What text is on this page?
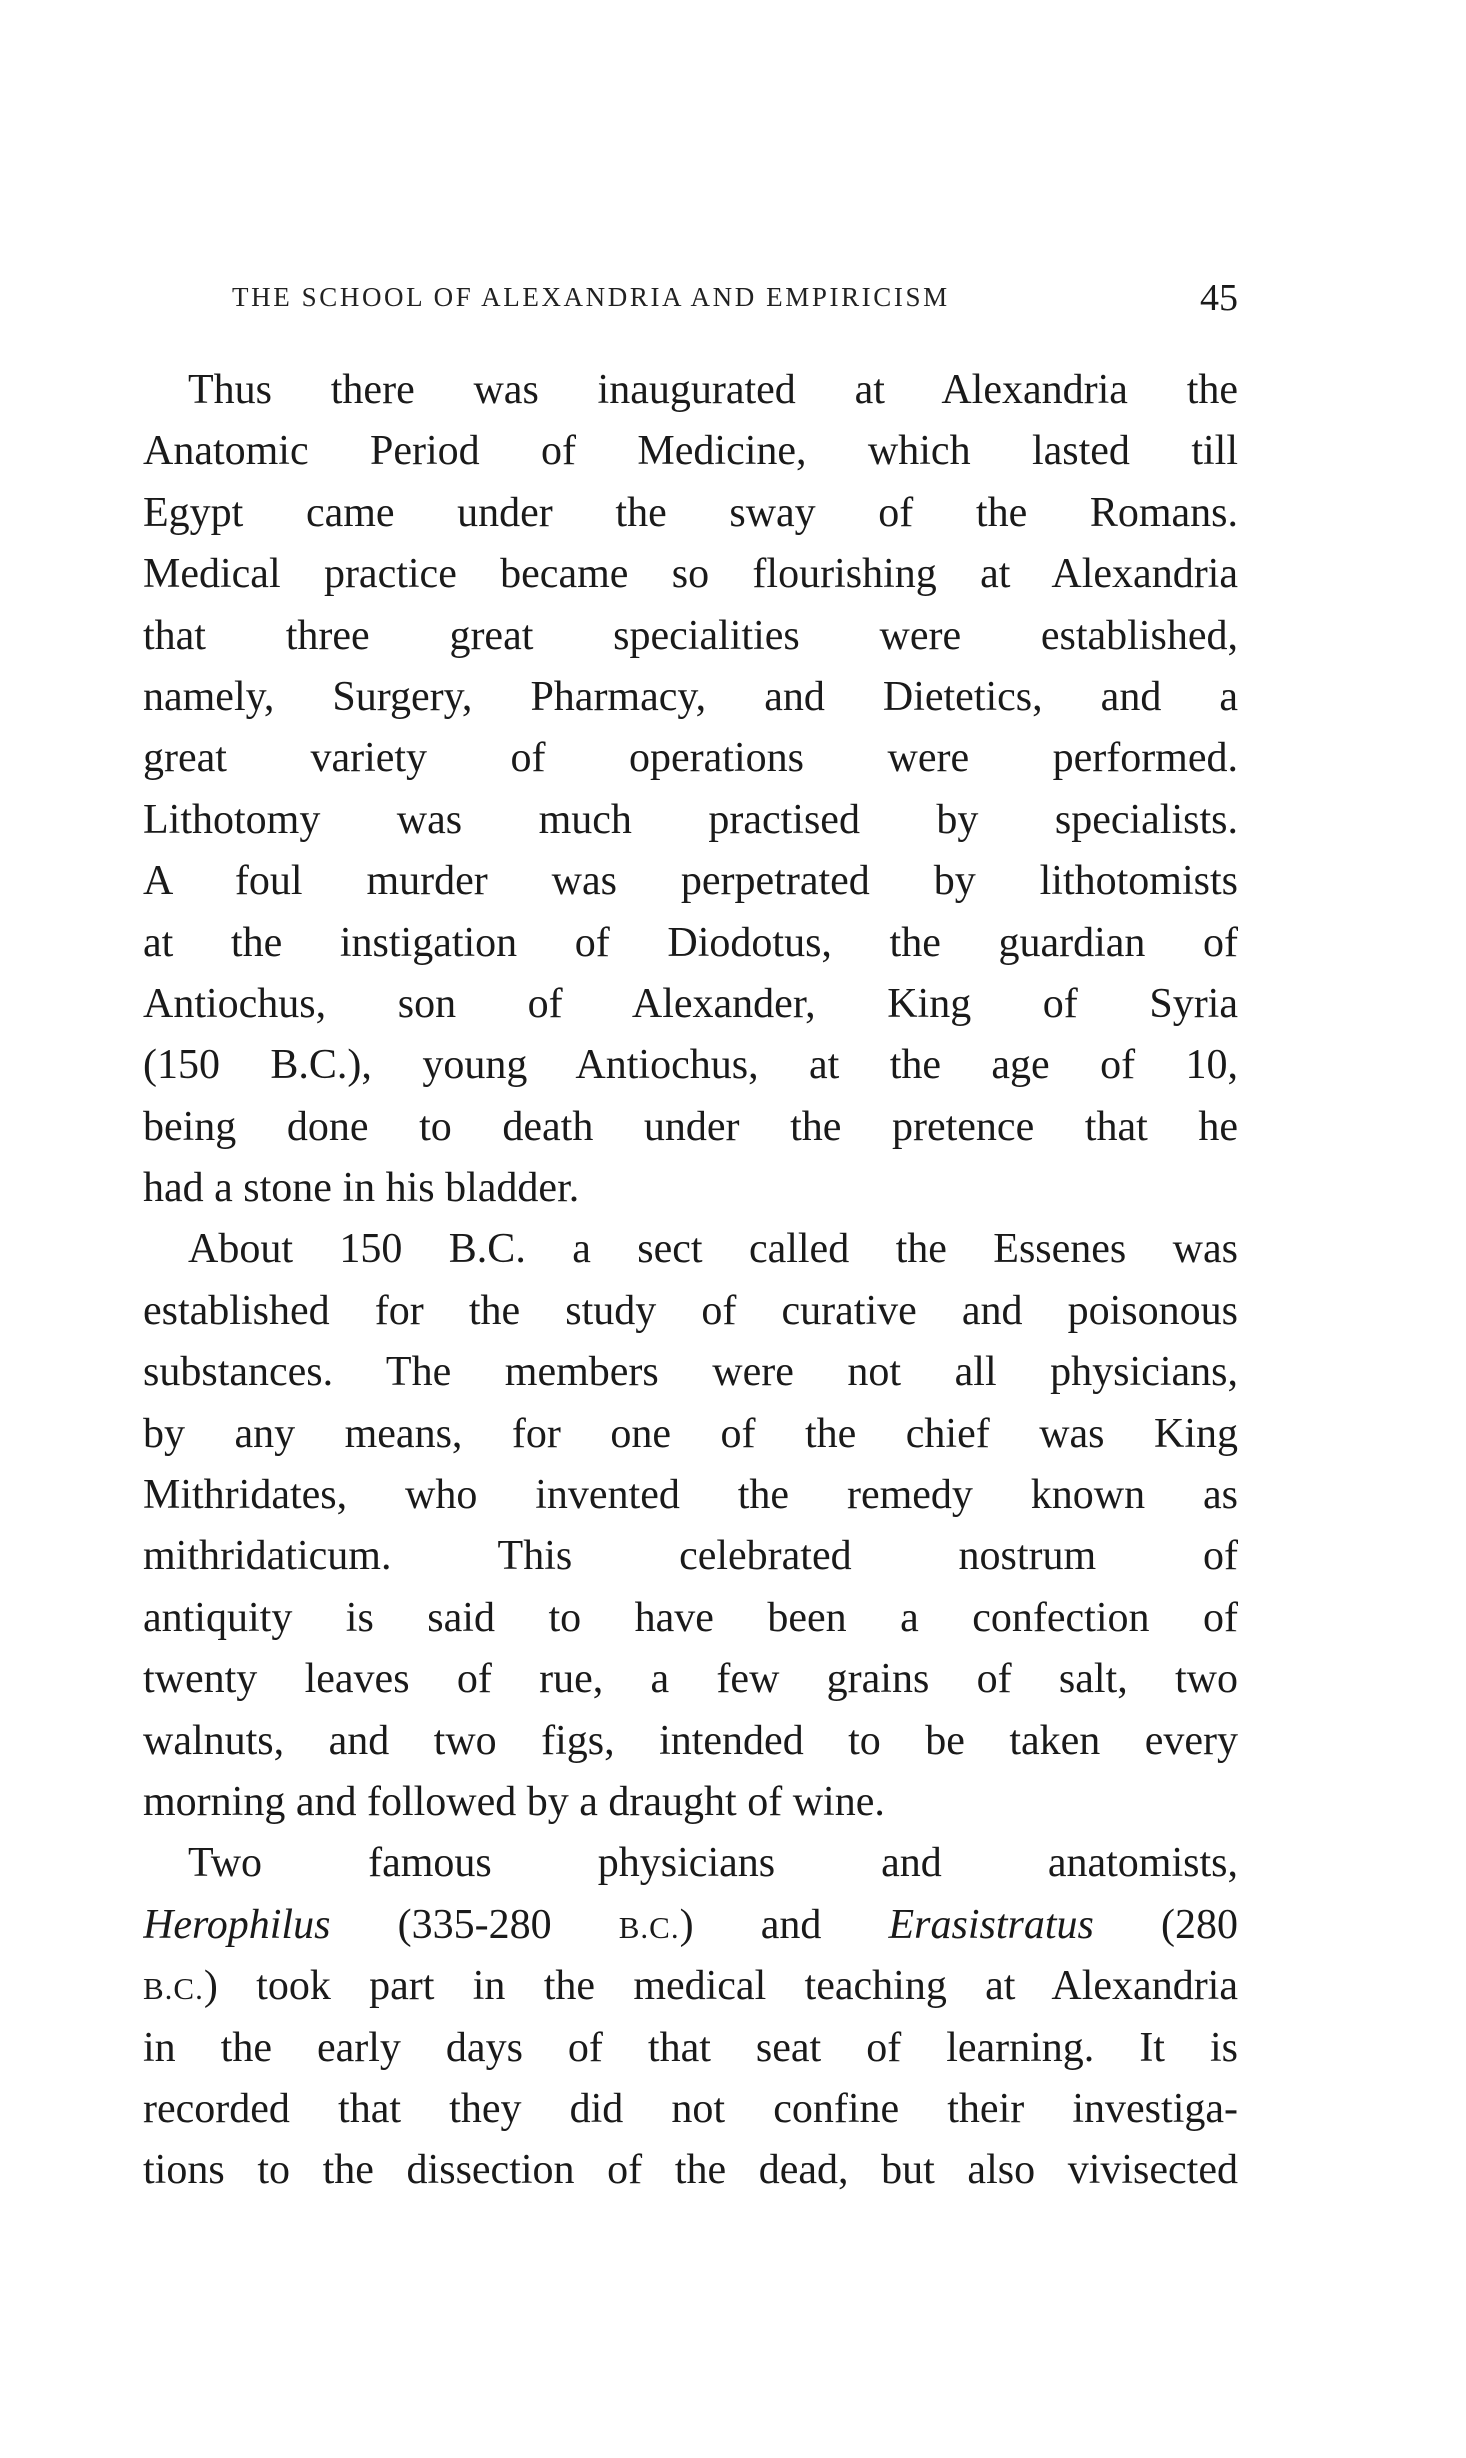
THE SCHOOL OF ALEXANDRIA AND EMPIRICISM	45
Thus there was inaugurated at Alexandria the
Anatomic Period of Medicine, which lasted till
Egypt came under the sway of the Romans.
Medical practice became so flourishing at Alexandria
that three great specialities were established,
namely, Surgery, Pharmacy, and Dietetics, and a
great variety of operations were performed.
Lithotomy was much practised by specialists.
A foul murder was perpetrated by lithotomists
at the instigation of Diodotus, the guardian of
Antiochus, son of Alexander, King of Syria
(150 B.C.), young Antiochus, at the age of 10,
being done to death under the pretence that he
had a stone in his bladder.
About 150 B.C. a sect called the Essenes was
established for the study of curative and poisonous
substances. The members were not all physicians,
by any means, for one of the chief was King
Mithridates, who invented the remedy known as
mithridaticum. This celebrated nostrum of
antiquity is said to have been a confection of
twenty leaves of rue, a few grains of salt, two
walnuts, and two figs, intended to be taken every
morning and followed by a draught of wine.
Two famous physicians and anatomists,
Herophilus (335-280 B.C.) and Erasistratus (280
B.C.) took part in the medical teaching at Alexandria
in the early days of that seat of learning. It is
recorded that they did not confine their investiga-
tions to the dissection of the dead, but also vivisected
